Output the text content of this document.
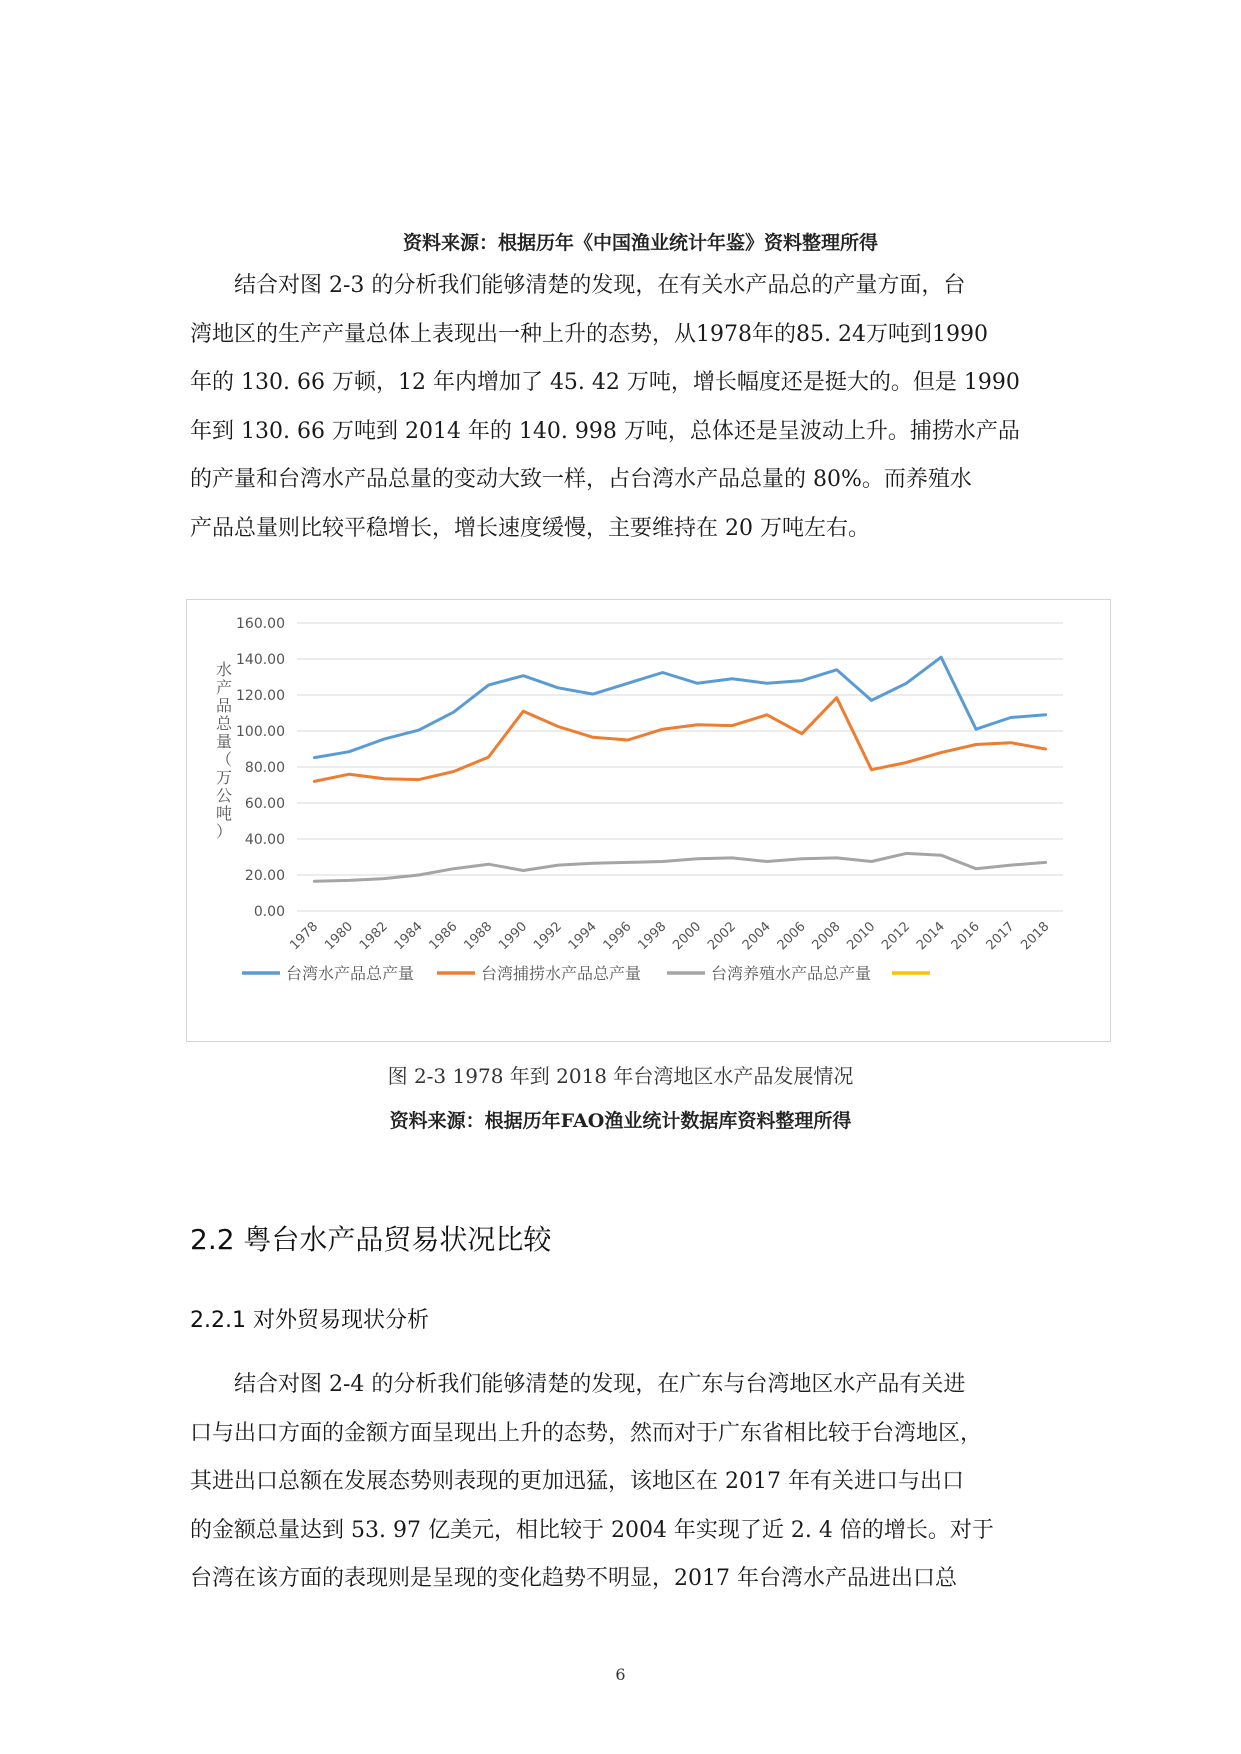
资料来源：根据历年《中国渔业统计年鉴》资料整理所得
　　结合对图 2-3 的分析我们能够清楚的发现，在有关水产品总的产量方面，台
湾地区的生产产量总体上表现出一种上升的态势，从1978年的85. 24万吨到1990
年的 130. 66 万顿，12 年内增加了 45. 42 万吨，增长幅度还是挺大的。但是 1990
年到 130. 66 万吨到 2014 年的 140. 998 万吨，总体还是呈波动上升。捕捞水产品
的产量和台湾水产品总量的变动大致一样，占台湾水产品总量的 80%。而养殖水
产品总量则比较平稳增长，增长速度缓慢，主要维持在 20 万吨左右。
0.00
20.00
40.00
60.00
80.00
100.00
120.00
140.00
160.00
1978 1980 1982 1984 1986 1988 1990 1992 1994 1996 1998 2000 2002 2004 2006 2008 2010 2012 2014 2016 2017 2018
水
产
品
总
量
（
万
公
吨
）
台湾水产品总产量	台湾捕捞水产品总产量	台湾养殖水产品总产量
图 2-3 1978 年到 2018 年台湾地区水产品发展情况
资料来源：根据历年FAO渔业统计数据库资料整理所得
2.2 粤台水产品贸易状况比较
2.2.1 对外贸易现状分析
　　结合对图 2-4 的分析我们能够清楚的发现，在广东与台湾地区水产品有关进
口与出口方面的金额方面呈现出上升的态势，然而对于广东省相比较于台湾地区，
其进出口总额在发展态势则表现的更加迅猛，该地区在 2017 年有关进口与出口
的金额总量达到 53. 97 亿美元，相比较于 2004 年实现了近 2. 4 倍的增长。对于
台湾在该方面的表现则是呈现的变化趋势不明显，2017 年台湾水产品进出口总
6
